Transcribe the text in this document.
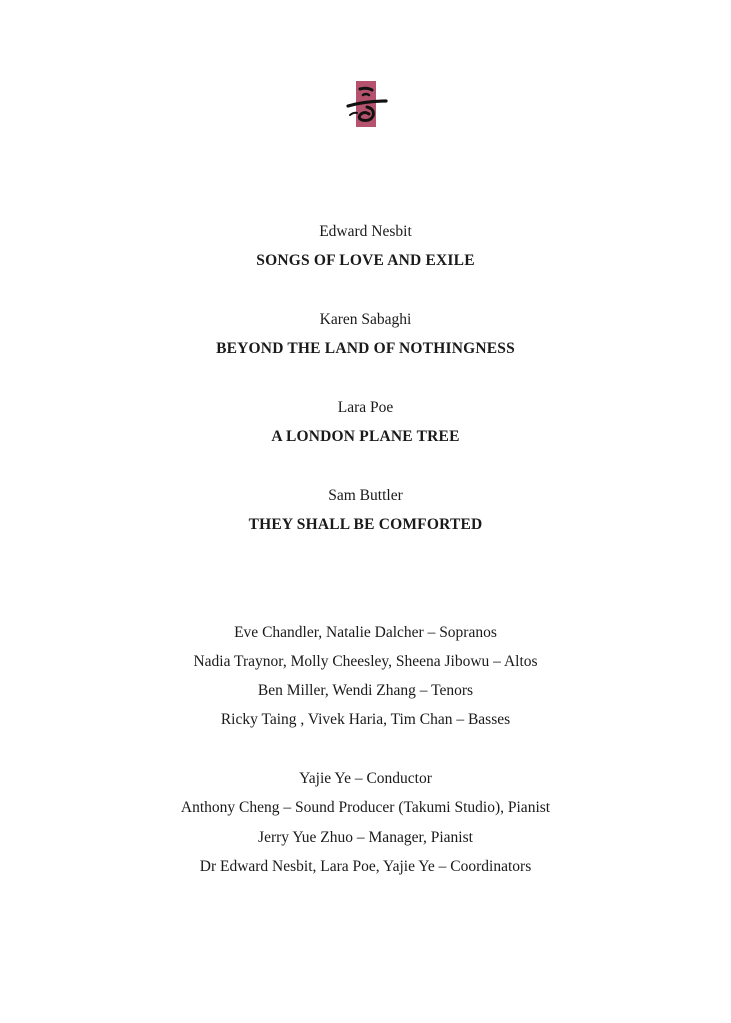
Edward Nesbit
SONGS OF LOVE AND EXILE
Karen Sabaghi
BEYOND THE LAND OF NOTHINGNESS
Lara Poe
A LONDON PLANE TREE
Sam Buttler
THEY SHALL BE COMFORTED
Eve Chandler, Natalie Dalcher – Sopranos
Nadia Traynor, Molly Cheesley, Sheena Jibowu – Altos
Ben Miller, Wendi Zhang – Tenors
Ricky Taing , Vivek Haria, Tim Chan – Basses
Yajie Ye – Conductor
Anthony Cheng – Sound Producer (Takumi Studio), Pianist
Jerry Yue Zhuo – Manager, Pianist
Dr Edward Nesbit, Lara Poe, Yajie Ye – Coordinators
